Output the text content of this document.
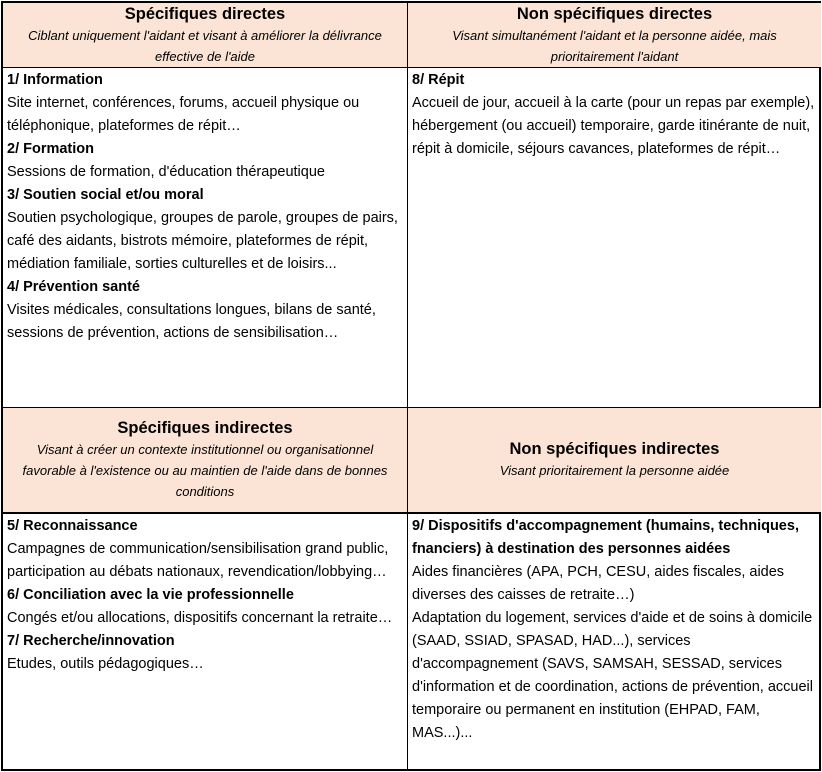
Spécifiques directes
Ciblant uniquement l'aidant et visant à améliorer la délivrance effective de l'aide
Non spécifiques directes
Visant simultanément l'aidant et la personne aidée, mais prioritairement l'aidant
1/ Information
Site internet, conférences, forums, accueil physique ou téléphonique, plateformes de répit…
2/ Formation
Sessions de formation, d'éducation thérapeutique
3/ Soutien social et/ou moral
Soutien psychologique, groupes de parole, groupes de pairs, café des aidants, bistrots mémoire, plateformes de répit, médiation familiale, sorties culturelles et de loisirs...
4/ Prévention santé
Visites médicales, consultations longues, bilans de santé, sessions de prévention, actions de sensibilisation…
8/ Répit
Accueil de jour, accueil à la carte (pour un repas par exemple), hébergement (ou accueil) temporaire, garde itinérante de nuit, répit à domicile, séjours cavances, plateformes de répit…
Spécifiques indirectes
Visant à créer un contexte institutionnel ou organisationnel favorable à l'existence ou au maintien de l'aide dans de bonnes conditions
Non spécifiques indirectes
Visant prioritairement la personne aidée
5/ Reconnaissance
Campagnes de communication/sensibilisation grand public, participation au débats nationaux, revendication/lobbying…
6/ Conciliation avec la vie professionnelle
Congés et/ou allocations, dispositifs concernant la retraite…
7/ Recherche/innovation
Etudes, outils pédagogiques…
9/ Dispositifs d'accompagnement (humains, techniques, fnanciers) à destination des personnes aidées
Aides financières (APA, PCH, CESU, aides fiscales, aides diverses des caisses de retraite…)
Adaptation du logement, services d'aide et de soins à domicile (SAAD, SSIAD, SPASAD, HAD...), services d'accompagnement (SAVS, SAMSAH, SESSAD, services d'information et de coordination, actions de prévention, accueil temporaire ou permanent en institution (EHPAD, FAM, MAS...)...
